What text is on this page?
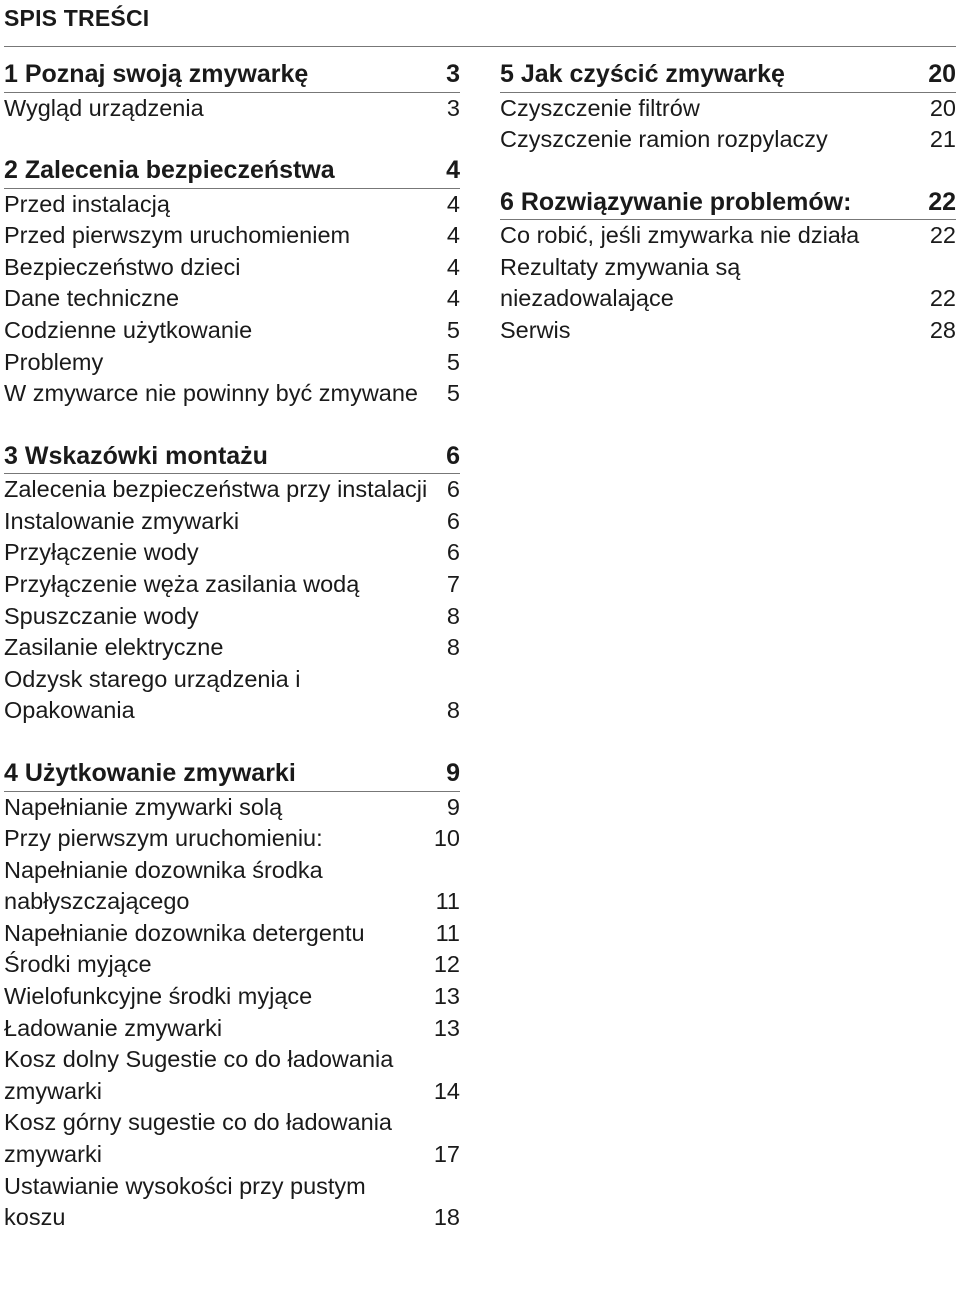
SPIS TREŚCI
1 Poznaj swoją zmywarkę	3
Wygląd urządzenia	3
2 Zalecenia bezpieczeństwa	4
Przed instalacją	4
Przed pierwszym uruchomieniem	4
Bezpieczeństwo dzieci	4
Dane techniczne	4
Codzienne użytkowanie	5
Problemy	5
W zmywarce nie powinny być zmywane	5
3 Wskazówki montażu	6
Zalecenia bezpieczeństwa przy instalacji 6
Instalowanie zmywarki	6
Przyłączenie wody	6
Przyłączenie węża zasilania wodą	7
Spuszczanie wody	8
Zasilanie elektryczne	8
Odzysk starego urządzenia i Opakowania	8
4 Użytkowanie zmywarki	9
Napełnianie zmywarki solą	9
Przy pierwszym uruchomieniu:	10
Napełnianie dozownika środka nabłyszczającego	11
Napełnianie dozownika detergentu	11
Środki myjące	12
Wielofunkcyjne środki myjące	13
Ładowanie zmywarki	13
Kosz dolny Sugestie co do ładowania zmywarki	14
Kosz górny sugestie co do ładowania zmywarki	17
Ustawianie wysokości przy pustym koszu	18
5 Jak czyścić zmywarkę	20
Czyszczenie filtrów	20
Czyszczenie ramion rozpylaczy	21
6 Rozwiązywanie problemów:	22
Co robić, jeśli zmywarka nie działa	22
Rezultaty zmywania są niezadowalające	22
Serwis	28
